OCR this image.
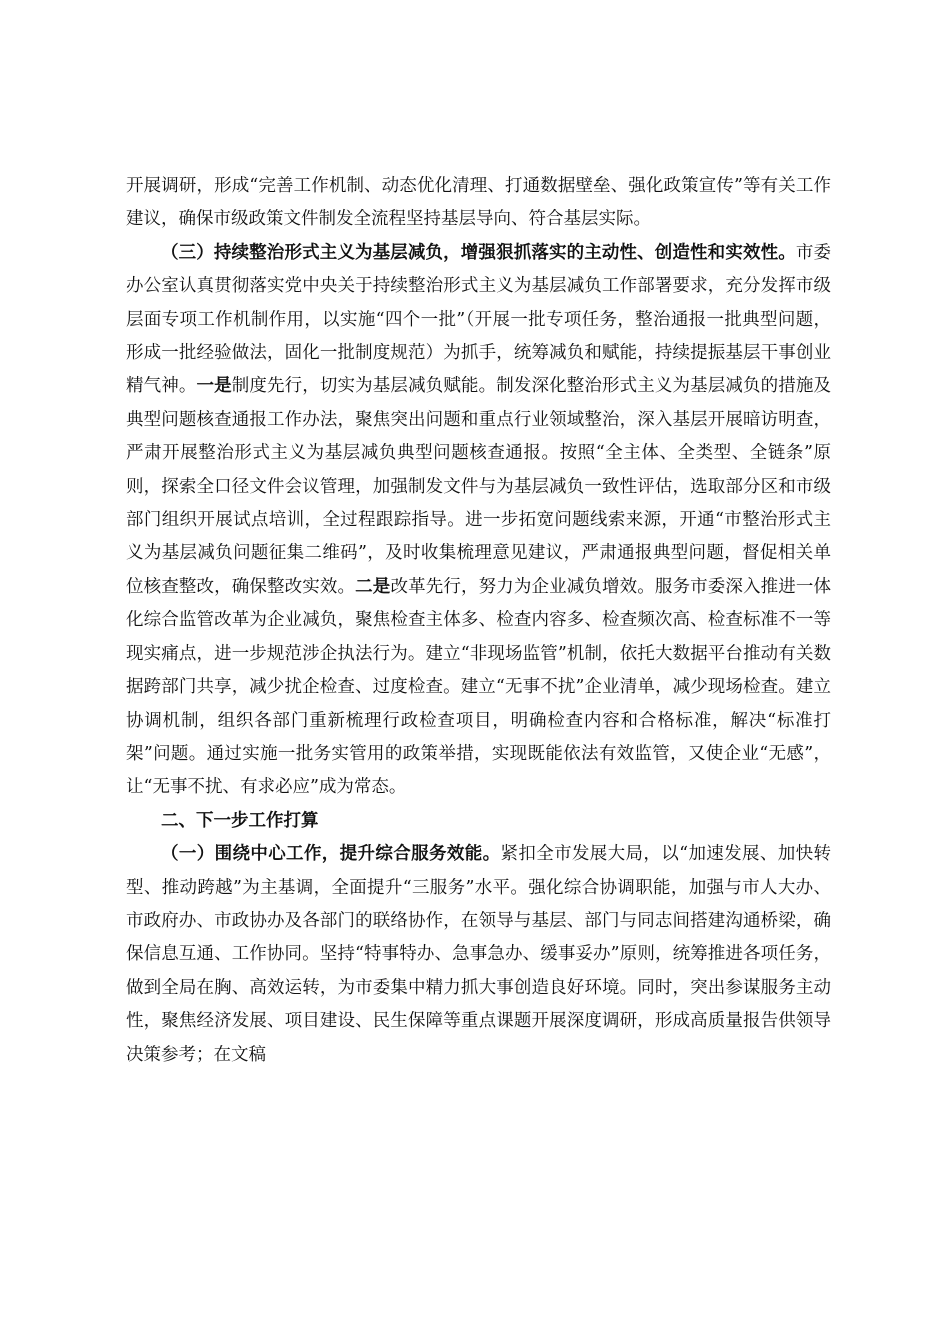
开展调研，形成“完善工作机制、动态优化清理、打通数据壁垒、强化政策宣传”等有关工作建议，确保市级政策文件制发全流程坚持基层导向、符合基层实际。

（三）持续整治形式主义为基层减负，增强狠抓落实的主动性、创造性和实效性。市委办公室认真贯彻落实党中央关于持续整治形式主义为基层减负工作部署要求，充分发挥市级层面专项工作机制作用，以实施“四个一批”（开展一批专项任务，整治通报一批典型问题，形成一批经验做法，固化一批制度规范）为抓手，统筹减负和赋能，持续提振基层干事创业精气神。一是制度先行，切实为基层减负赋能。制发深化整治形式主义为基层减负的措施及典型问题核查通报工作办法，聚焦突出问题和重点行业领域整治，深入基层开展暗访明查，严肃开展整治形式主义为基层减负典型问题核查通报。按照“全主体、全类型、全链条”原则，探索全口径文件会议管理，加强制发文件与为基层减负一致性评估，选取部分区和市级部门组织开展试点培训，全过程跟踪指导。进一步拓宽问题线索来源，开通“市整治形式主义为基层减负问题征集二维码”，及时收集梳理意见建议，严肃通报典型问题，督促相关单位核查整改，确保整改实效。二是改革先行，努力为企业减负增效。服务市委深入推进一体化综合监管改革为企业减负，聚焦检查主体多、检查内容多、检查频次高、检查标准不一等现实痛点，进一步规范涉企执法行为。建立“非现场监管”机制，依托大数据平台推动有关数据跨部门共享，减少扰企检查、过度检查。建立“无事不扰”企业清单，减少现场检查。建立协调机制，组织各部门重新梳理行政检查项目，明确检查内容和合格标准，解决“标准打架”问题。通过实施一批务实管用的政策举措，实现既能依法有效监管，又使企业“无感”，让“无事不扰、有求必应”成为常态。

二、下一步工作打算

（一）围绕中心工作，提升综合服务效能。紧扣全市发展大局，以“加速发展、加快转型、推动跨越”为主基调，全面提升“三服务”水平。强化综合协调职能，加强与市人大办、市政府办、市政协办及各部门的联络协作，在领导与基层、部门与同志间搭建沟通桥梁，确保信息互通、工作协同。坚持“特事特办、急事急办、缓事妥办”原则，统筹推进各项任务，做到全局在胸、高效运转，为市委集中精力抓大事创造良好环境。同时，突出参谋服务主动性，聚焦经济发展、项目建设、民生保障等重点课题开展深度调研，形成高质量报告供领导决策参考；在文稿
